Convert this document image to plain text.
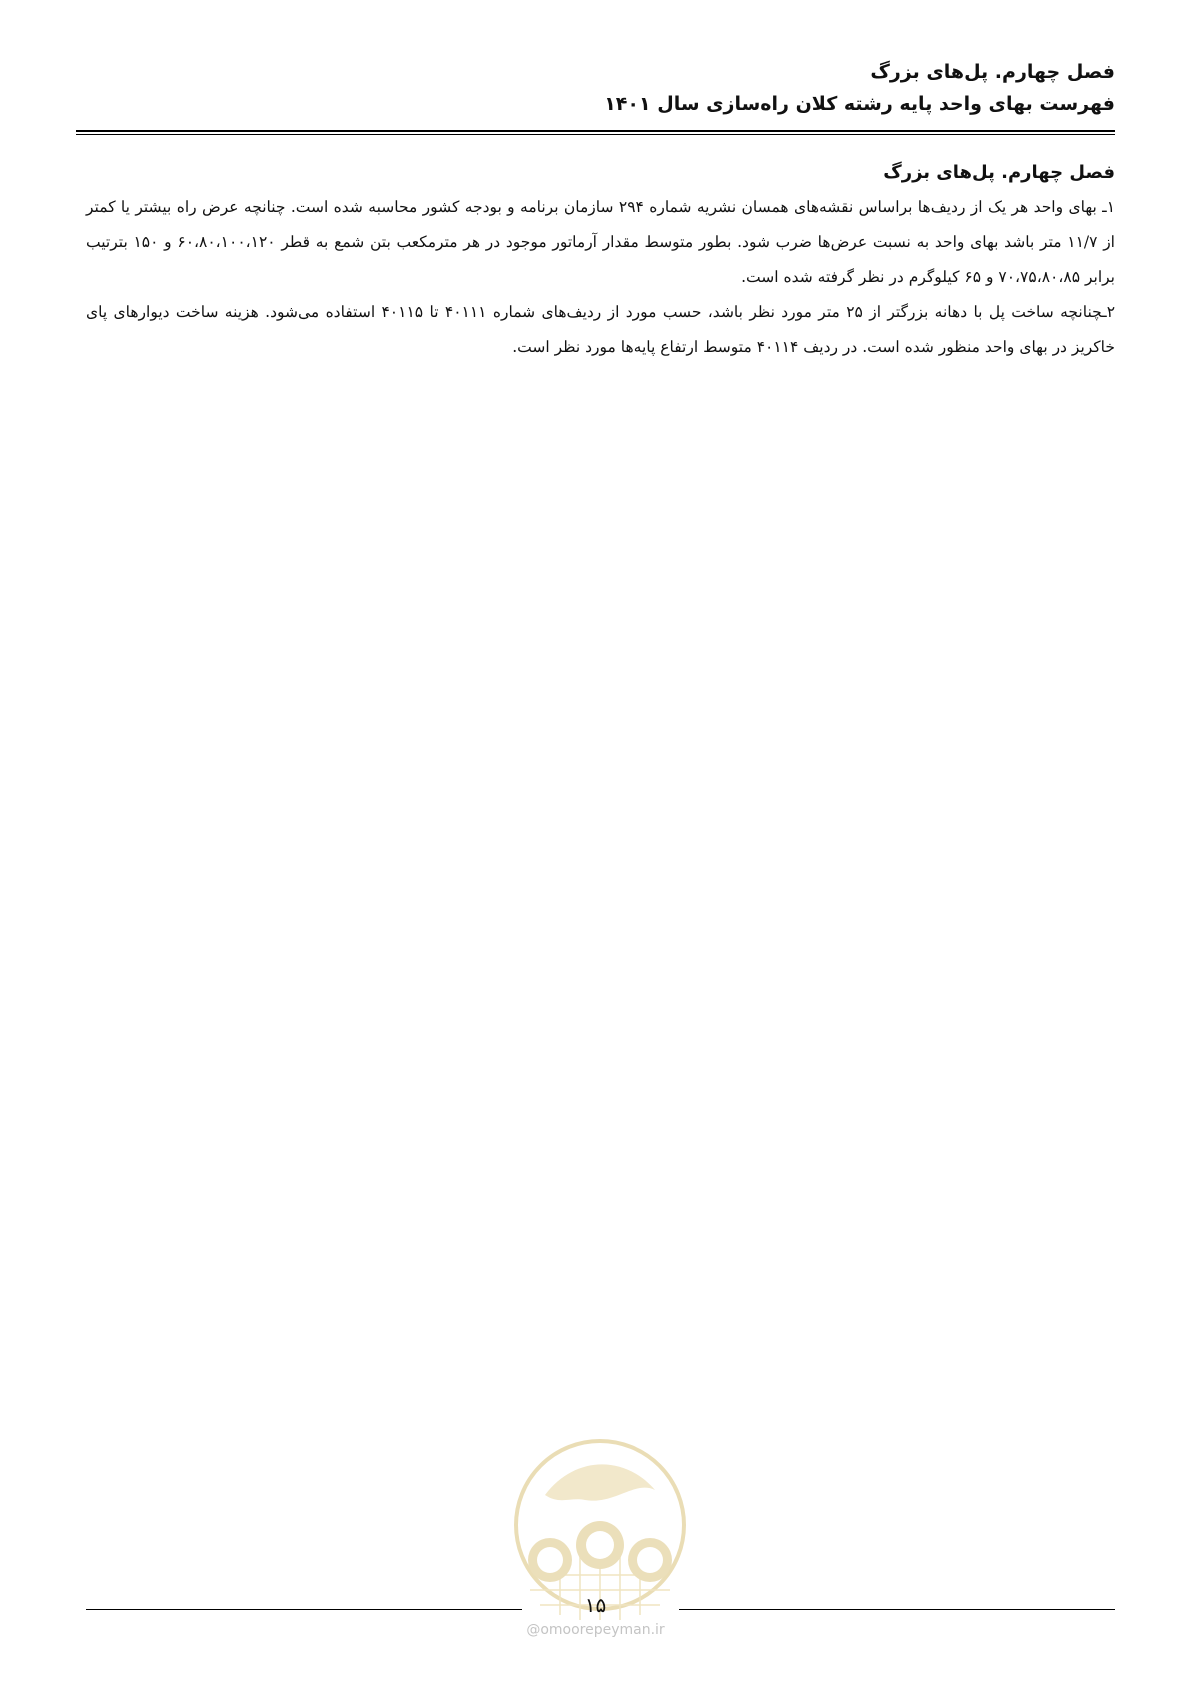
فصل چهارم. پل‌های بزرگ

فهرست بهای واحد پایه رشته کلان راه‌سازی سال ۱۴۰۱

فصل چهارم. پل‌های بزرگ

۱ـ بهای واحد هر یک از ردیف‌ها براساس نقشه‌های همسان نشریه شماره ۲۹۴ سازمان برنامه و بودجه کشور محاسبه شده است. چنانچه عرض راه بیشتر یا کمتر از ۱۱/۷ متر باشد بهای واحد به نسبت عرض‌ها ضرب شود. بطور متوسط مقدار آرماتور موجود در هر مترمکعب بتن شمع به قطر ۶۰،۸۰،۱۰۰،۱۲۰ و ۱۵۰ بترتیب برابر ۷۰،۷۵،۸۰،۸۵ و ۶۵ کیلوگرم در نظر گرفته شده است.

۲ـچنانچه ساخت پل با دهانه بزرگتر از ۲۵ متر مورد نظر باشد، حسب مورد از ردیف‌های شماره ۴۰۱۱۱ تا ۴۰۱۱۵ استفاده می‌شود. هزینه ساخت دیوارهای پای خاکریز در بهای واحد منظور شده است. در ردیف ۴۰۱۱۴ متوسط ارتفاع پایه‌ها مورد نظر است.

۱۵
@omoorepeyman.ir
